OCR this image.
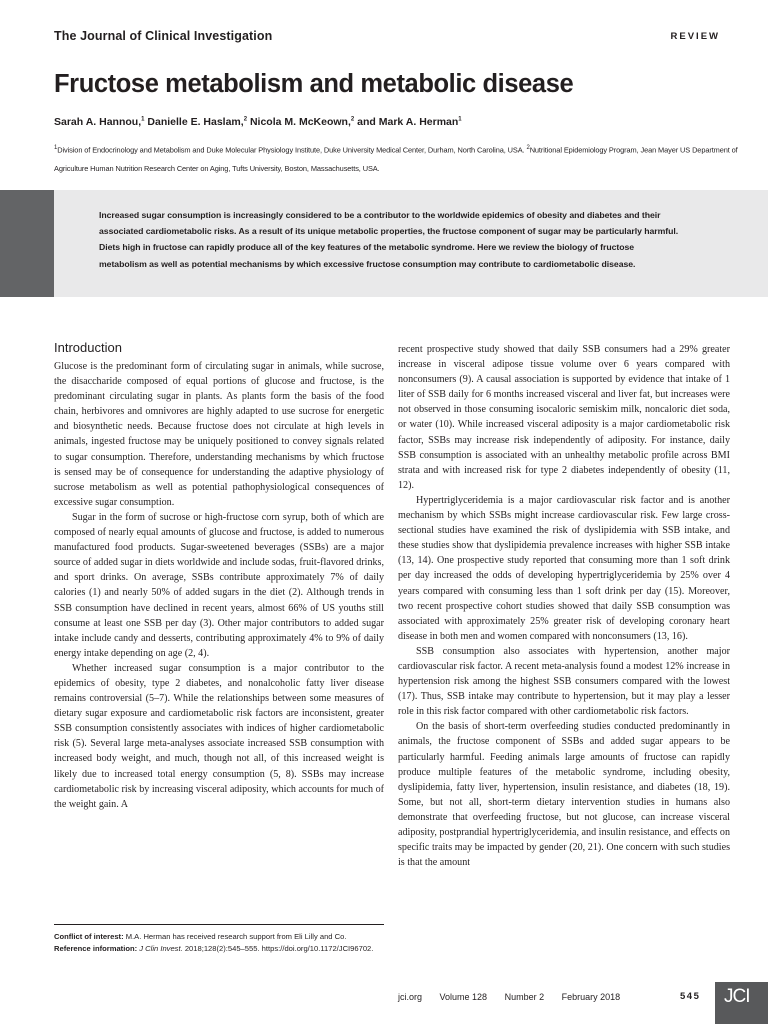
The Journal of Clinical Investigation	REVIEW
Fructose metabolism and metabolic disease
Sarah A. Hannou,$^1$ Danielle E. Haslam,$^2$ Nicola M. McKeown,$^2$ and Mark A. Herman$^1$
$^1$Division of Endocrinology and Metabolism and Duke Molecular Physiology Institute, Duke University Medical Center, Durham, North Carolina, USA. $^2$Nutritional Epidemiology Program, Jean Mayer US Department of Agriculture Human Nutrition Research Center on Aging, Tufts University, Boston, Massachusetts, USA.
Increased sugar consumption is increasingly considered to be a contributor to the worldwide epidemics of obesity and diabetes and their associated cardiometabolic risks. As a result of its unique metabolic properties, the fructose component of sugar may be particularly harmful. Diets high in fructose can rapidly produce all of the key features of the metabolic syndrome. Here we review the biology of fructose metabolism as well as potential mechanisms by which excessive fructose consumption may contribute to cardiometabolic disease.
Introduction

Glucose is the predominant form of circulating sugar in animals, while sucrose, the disaccharide composed of equal portions of glucose and fructose, is the predominant circulating sugar in plants. As plants form the basis of the food chain, herbivores and omnivores are highly adapted to use sucrose for energetic and biosynthetic needs. Because fructose does not circulate at high levels in animals, ingested fructose may be uniquely positioned to convey signals related to sugar consumption. Therefore, understanding mechanisms by which fructose is sensed may be of consequence for understanding the adaptive physiology of sucrose metabolism as well as potential pathophysiological consequences of excessive sugar consumption.

Sugar in the form of sucrose or high-fructose corn syrup, both of which are composed of nearly equal amounts of glucose and fructose, is added to numerous manufactured food products. Sugar-sweetened beverages (SSBs) are a major source of added sugar in diets worldwide and include sodas, fruit-flavored drinks, and sport drinks. On average, SSBs contribute approximately 7% of daily calories (1) and nearly 50% of added sugars in the diet (2). Although trends in SSB consumption have declined in recent years, almost 66% of US youths still consume at least one SSB per day (3). Other major contributors to added sugar intake include candy and desserts, contributing approximately 4% to 9% of daily energy intake depending on age (2, 4).

Whether increased sugar consumption is a major contributor to the epidemics of obesity, type 2 diabetes, and nonalcoholic fatty liver disease remains controversial (5–7). While the relationships between some measures of dietary sugar exposure and cardiometabolic risk factors are inconsistent, greater SSB consumption consistently associates with indices of higher cardiometabolic risk (5). Several large meta-analyses associate increased SSB consumption with increased body weight, and much, though not all, of this increased weight is likely due to increased total energy consumption (5, 8). SSBs may increase cardiometabolic risk by increasing visceral adiposity, which accounts for much of the weight gain. A

recent prospective study showed that daily SSB consumers had a 29% greater increase in visceral adipose tissue volume over 6 years compared with nonconsumers (9). A causal association is supported by evidence that intake of 1 liter of SSB daily for 6 months increased visceral and liver fat, but increases were not observed in those consuming isocaloric semiskim milk, noncaloric diet soda, or water (10). While increased visceral adiposity is a major cardiometabolic risk factor, SSBs may increase risk independently of adiposity. For instance, daily SSB consumption is associated with an unhealthy metabolic profile across BMI strata and with increased risk for type 2 diabetes independently of obesity (11, 12).

Hypertriglyceridemia is a major cardiovascular risk factor and is another mechanism by which SSBs might increase cardiovascular risk. Few large cross-sectional studies have examined the risk of dyslipidemia with SSB intake, and these studies show that dyslipidemia prevalence increases with higher SSB intake (13, 14). One prospective study reported that consuming more than 1 soft drink per day increased the odds of developing hypertriglyceridemia by 25% over 4 years compared with consuming less than 1 soft drink per day (15). Moreover, two recent prospective cohort studies showed that daily SSB consumption was associated with approximately 25% greater risk of developing coronary heart disease in both men and women compared with nonconsumers (13, 16).

SSB consumption also associates with hypertension, another major cardiovascular risk factor. A recent meta-analysis found a modest 12% increase in hypertension risk among the highest SSB consumers compared with the lowest (17). Thus, SSB intake may contribute to hypertension, but it may play a lesser role in this risk factor compared with other cardiometabolic risk factors.

On the basis of short-term overfeeding studies conducted predominantly in animals, the fructose component of SSBs and added sugar appears to be particularly harmful. Feeding animals large amounts of fructose can rapidly produce multiple features of the metabolic syndrome, including obesity, dyslipidemia, fatty liver, hypertension, insulin resistance, and diabetes (18, 19). Some, but not all, short-term dietary intervention studies in humans also demonstrate that overfeeding fructose, but not glucose, can increase visceral adiposity, postprandial hypertriglyceridemia, and insulin resistance, and effects on specific traits may be impacted by gender (20, 21). One concern with such studies is that the amount

Conflict of interest: M.A. Herman has received research support from Eli Lilly and Co.
Reference information: J Clin Invest. 2018;128(2):545–555. https://doi.org/10.1172/JCI96702.
jci.org Volume 128 Number 2 February 2018	545	JCI
